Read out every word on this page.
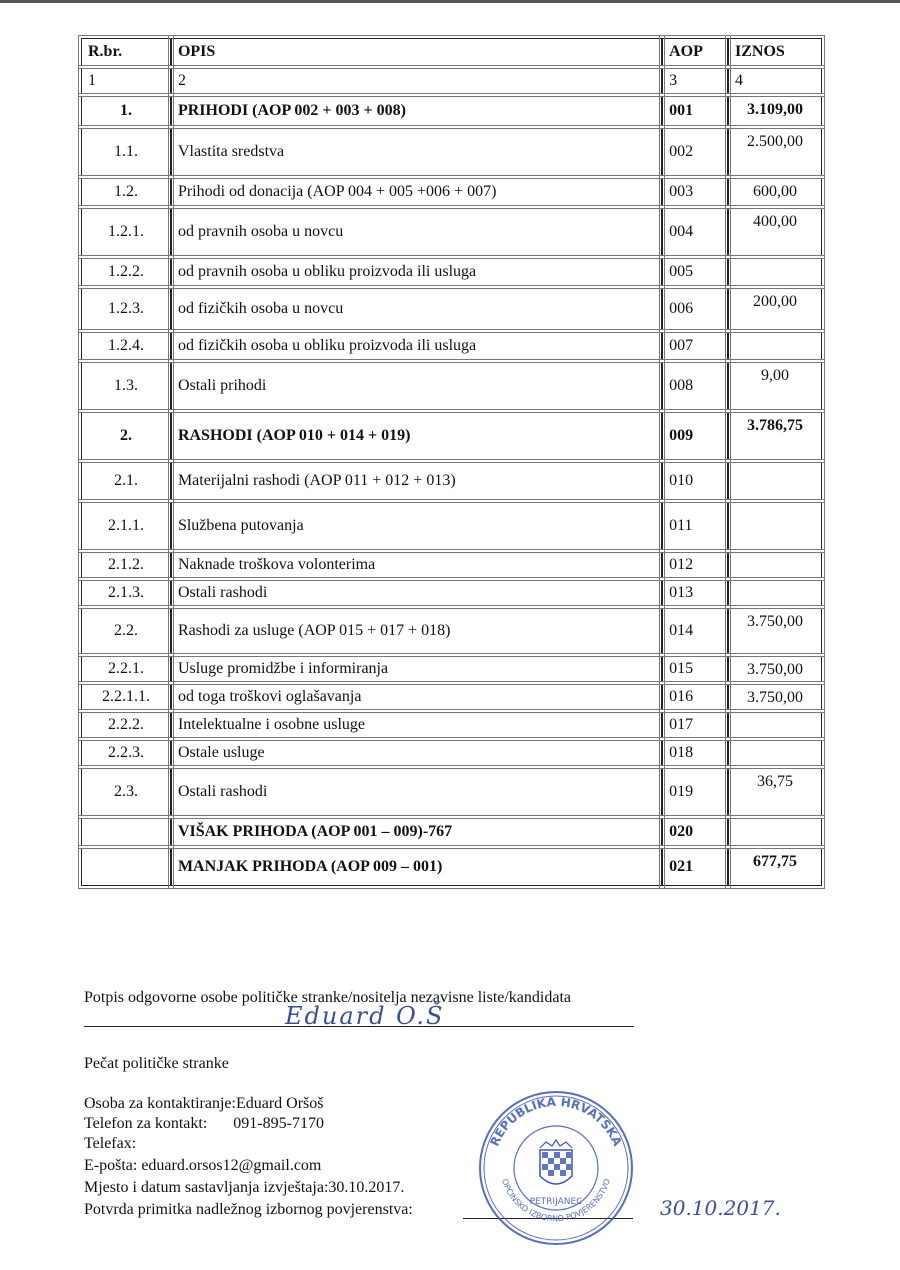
R.br.	OPIS	AOP	IZNOS

1	2	3	4

1.	PRIHODI (AOP 002 + 003 + 008)	001	3.109,00

1.1.	Vlastita sredstva	002	2.500,00

1.2.	Prihodi od donacija (AOP 004 + 005 +006 + 007)	003	600,00

1.2.1.	od pravnih osoba u novcu	004	400,00

1.2.2.	od pravnih osoba u obliku proizvoda ili usluga	005	

1.2.3.	od fizičkih osoba u novcu	006	200,00

1.2.4.	od fizičkih osoba u obliku proizvoda ili usluga	007	

1.3.	Ostali prihodi	008	9,00

2.	RASHODI (AOP 010 + 014 + 019)	009	3.786,75

2.1.	Materijalni rashodi (AOP 011 + 012 + 013)	010	

2.1.1.	Službena putovanja	011	

2.1.2.	Naknade troškova volonterima	012	

2.1.3.	Ostali rashodi	013	

2.2.	Rashodi za usluge (AOP 015 + 017 + 018)	014	3.750,00

2.2.1.	Usluge promidžbe i informiranja	015	3.750,00

2.2.1.1.	od toga troškovi oglašavanja	016	3.750,00

2.2.2.	Intelektualne i osobne usluge	017	

2.2.3.	Ostale usluge	018	

2.3.	Ostali rashodi	019	36,75

	VIŠAK PRIHODA (AOP 001 – 009)-767	020	

	MANJAK PRIHODA (AOP 009 – 001)	021	677,75
Potpis odgovorne osobe političke stranke/nositelja nezavisne liste/kandidata
Eduard O.Š
Pečat političke stranke
Osoba za kontaktiranje:Eduard Oršoš
Telefon za kontakt: 091-895-7170
Telefax:
E-pošta: eduard.orsos12@gmail.com
Mjesto i datum sastavljanja izvještaja:30.10.2017.
Potvrda primitka nadležnog izbornog povjerenstva:	30.10.2017.
REPUBLIKA HRVATSKA
OPĆINSKO IZBORNO POVJERENSTVO
PETRIJANEC
